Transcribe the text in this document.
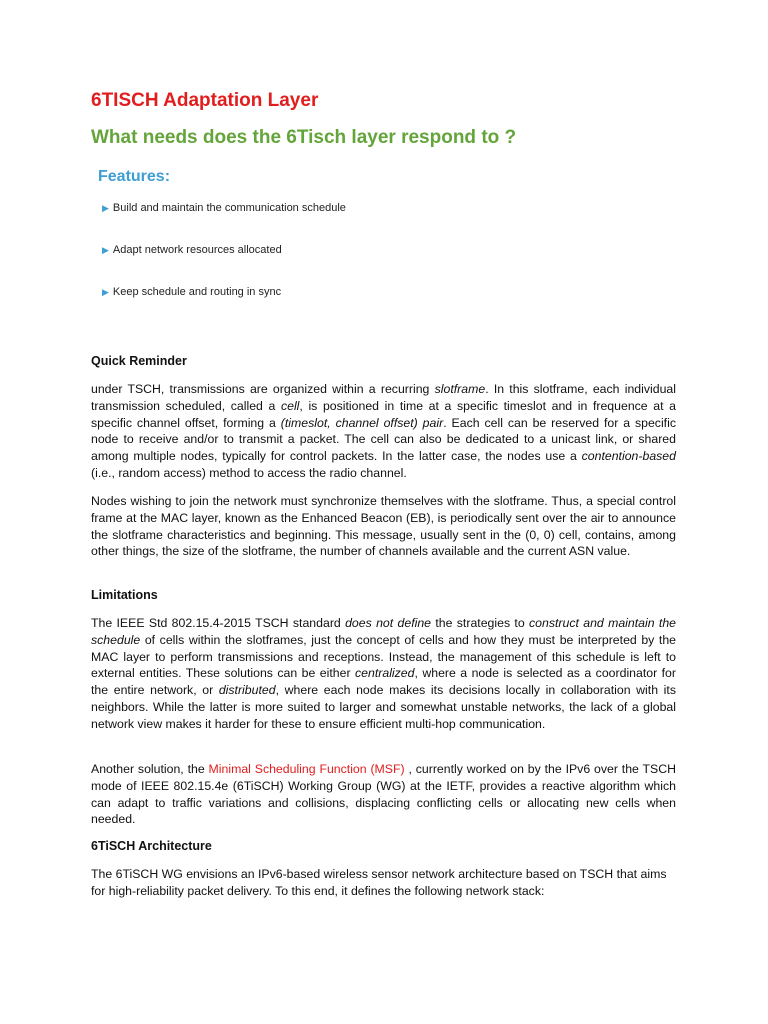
6TISCH Adaptation Layer
What needs does the 6Tisch layer respond to ?
Features:
▶ Build and maintain the communication schedule
▶ Adapt network resources allocated
▶ Keep schedule and routing in sync
Quick Reminder
under TSCH, transmissions are organized within a recurring slotframe. In this slotframe, each individual transmission scheduled, called a cell, is positioned in time at a specific timeslot and in frequence at a specific channel offset, forming a (timeslot, channel offset) pair. Each cell can be reserved for a specific node to receive and/or to transmit a packet. The cell can also be dedicated to a unicast link, or shared among multiple nodes, typically for control packets. In the latter case, the nodes use a contention-based (i.e., random access) method to access the radio channel.
Nodes wishing to join the network must synchronize themselves with the slotframe. Thus, a special control frame at the MAC layer, known as the Enhanced Beacon (EB), is periodically sent over the air to announce the slotframe characteristics and beginning. This message, usually sent in the (0, 0) cell, contains, among other things, the size of the slotframe, the number of channels available and the current ASN value.
Limitations
The IEEE Std 802.15.4-2015 TSCH standard does not define the strategies to construct and maintain the schedule of cells within the slotframes, just the concept of cells and how they must be interpreted by the MAC layer to perform transmissions and receptions. Instead, the management of this schedule is left to external entities. These solutions can be either centralized, where a node is selected as a coordinator for the entire network, or distributed, where each node makes its decisions locally in collaboration with its neighbors. While the latter is more suited to larger and somewhat unstable networks, the lack of a global network view makes it harder for these to ensure efficient multi-hop communication.
Another solution, the Minimal Scheduling Function (MSF) , currently worked on by the IPv6 over the TSCH mode of IEEE 802.15.4e (6TiSCH) Working Group (WG) at the IETF, provides a reactive algorithm which can adapt to traffic variations and collisions, displacing conflicting cells or allocating new cells when needed.
6TiSCH Architecture
The 6TiSCH WG envisions an IPv6-based wireless sensor network architecture based on TSCH that aims for high-reliability packet delivery. To this end, it defines the following network stack:
